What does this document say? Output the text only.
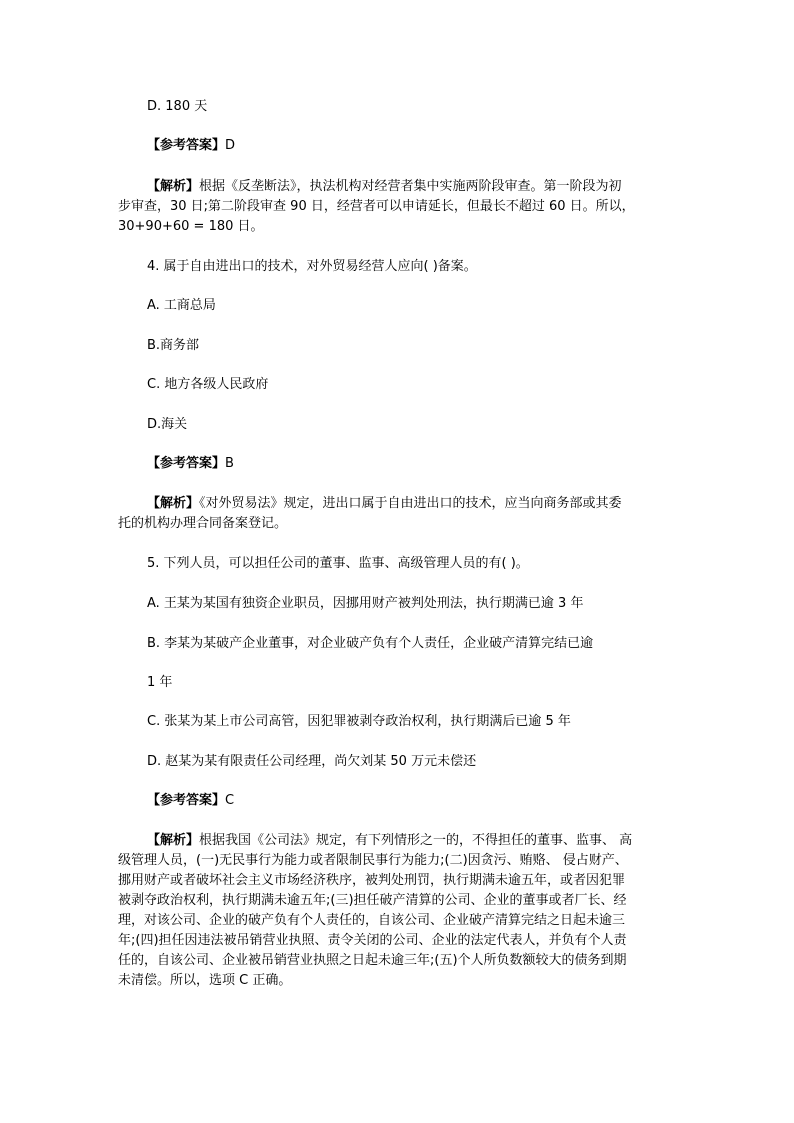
D. 180 天
【参考答案】D
【解析】根据《反垄断法》，执法机构对经营者集中实施两阶段审查。第一阶段为初
步审查，30 日;第二阶段审查 90 日，经营者可以申请延长，但最长不超过 60 日。所以，
30+90+60 = 180 日。
4. 属于自由进出口的技术，对外贸易经营人应向( )备案。
A. 工商总局
B.商务部
C. 地方各级人民政府
D.海关
【参考答案】B
【解析】《对外贸易法》规定，进出口属于自由进出口的技术，应当向商务部或其委
托的机构办理合同备案登记。
5. 下列人员，可以担任公司的董事、监事、高级管理人员的有( )。
A. 王某为某国有独资企业职员，因挪用财产被判处刑法，执行期满已逾 3 年
B. 李某为某破产企业董事，对企业破产负有个人责任，企业破产清算完结已逾
1 年
C. 张某为某上市公司高管，因犯罪被剥夺政治权利，执行期满后已逾 5 年
D. 赵某为某有限责任公司经理，尚欠刘某 50 万元未偿还
【参考答案】C
【解析】根据我国《公司法》规定，有下列情形之一的，不得担任的董事、监事、 高
级管理人员，(一)无民事行为能力或者限制民事行为能力;(二)因贪污、贿赂、 侵占财产、
挪用财产或者破坏社会主义市场经济秩序，被判处刑罚，执行期满未逾五年，或者因犯罪
被剥夺政治权利，执行期满未逾五年;(三)担任破产清算的公司、企业的董事或者厂长、经
理，对该公司、企业的破产负有个人责任的，自该公司、企业破产清算完结之日起未逾三
年;(四)担任因违法被吊销营业执照、责令关闭的公司、企业的法定代表人，并负有个人责
任的，自该公司、企业被吊销营业执照之日起未逾三年;(五)个人所负数额较大的债务到期
未清偿。所以，选项 C 正确。
